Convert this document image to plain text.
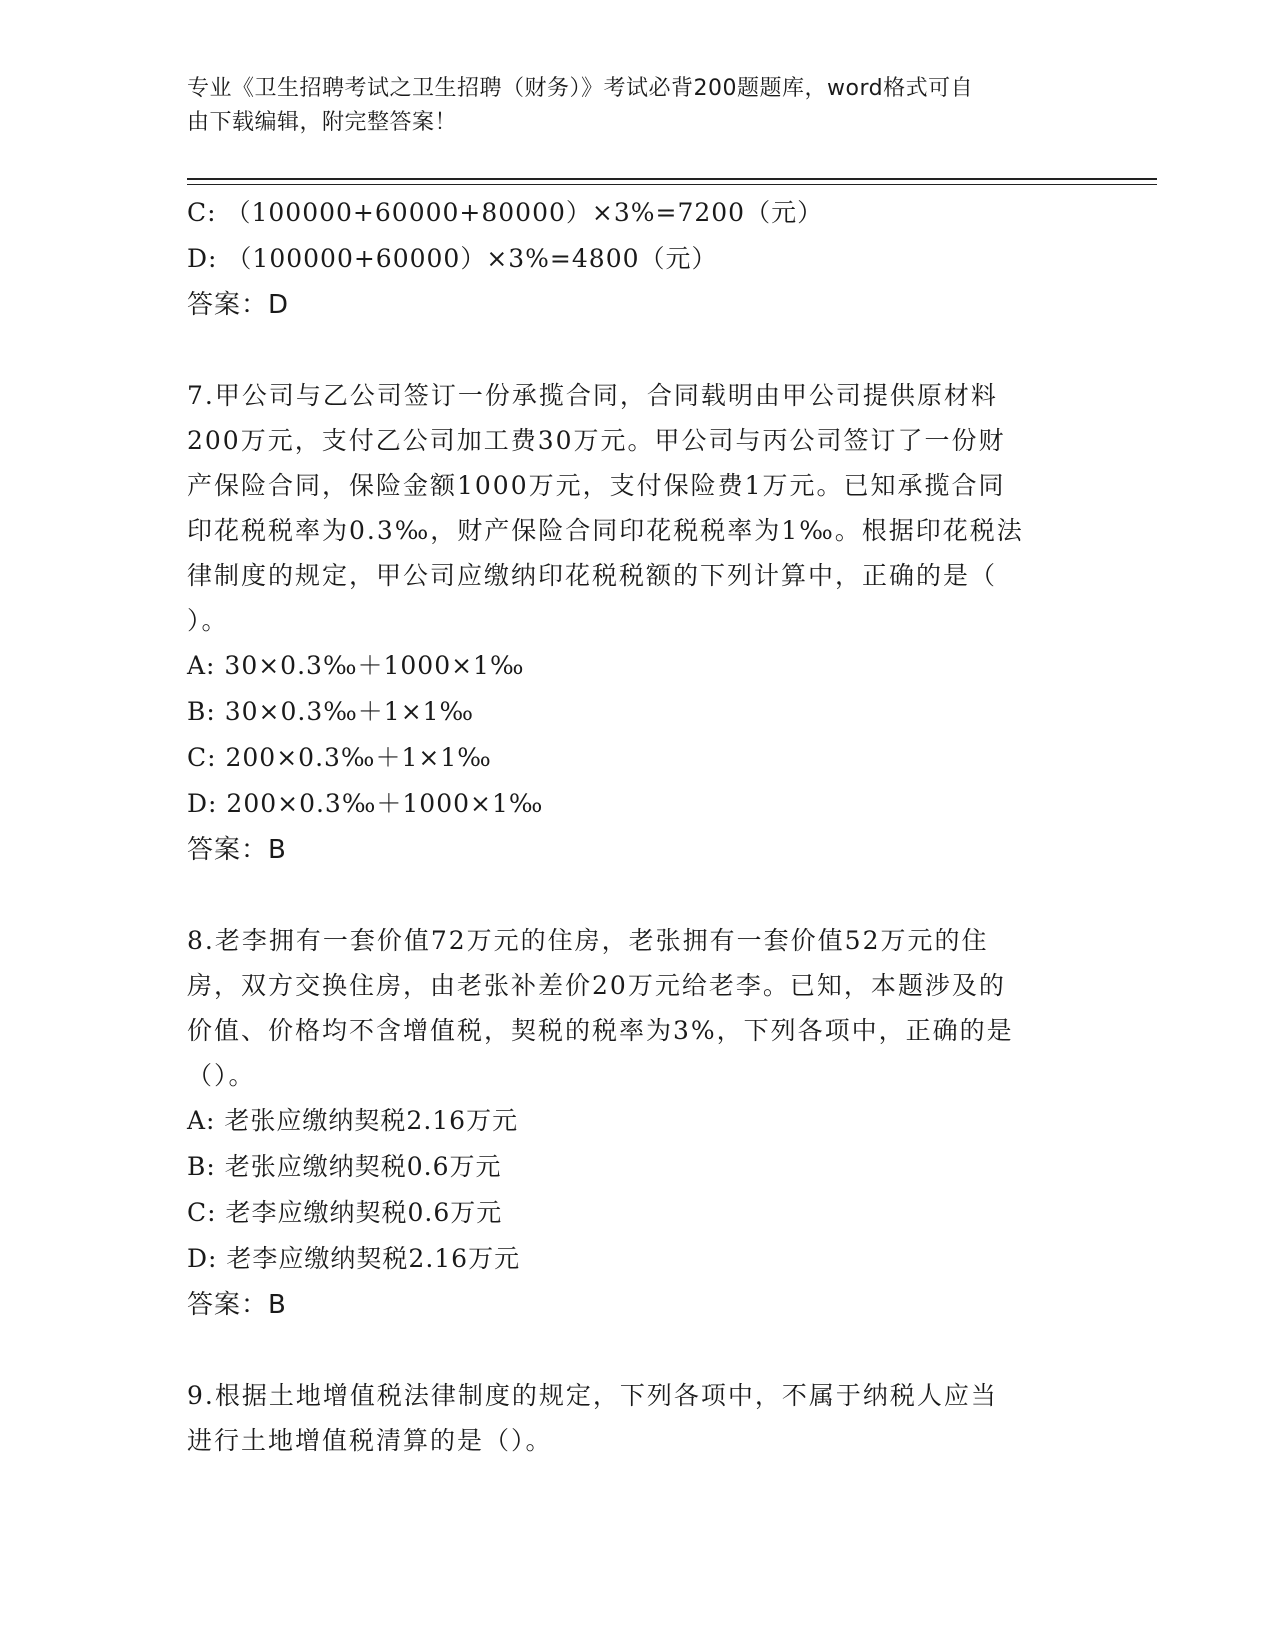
专业《卫生招聘考试之卫生招聘（财务）》考试必背200题题库，word格式可自
由下载编辑，附完整答案！
C: （100000+60000+80000）×3%=7200（元）
D: （100000+60000）×3%=4800（元）
答案：D
7.甲公司与乙公司签订一份承揽合同，合同载明由甲公司提供原材料
200万元，支付乙公司加工费30万元。甲公司与丙公司签订了一份财
产保险合同，保险金额1000万元，支付保险费1万元。已知承揽合同
印花税税率为0.3‰，财产保险合同印花税税率为1‰。根据印花税法
律制度的规定，甲公司应缴纳印花税税额的下列计算中，正确的是（
）。
A: 30×0.3‰＋1000×1‰
B: 30×0.3‰＋1×1‰
C: 200×0.3‰＋1×1‰
D: 200×0.3‰＋1000×1‰
答案：B
8.老李拥有一套价值72万元的住房，老张拥有一套价值52万元的住
房，双方交换住房，由老张补差价20万元给老李。已知，本题涉及的
价值、价格均不含增值税，契税的税率为3%，下列各项中，正确的是
（）。
A: 老张应缴纳契税2.16万元
B: 老张应缴纳契税0.6万元
C: 老李应缴纳契税0.6万元
D: 老李应缴纳契税2.16万元
答案：B
9.根据土地增值税法律制度的规定，下列各项中，不属于纳税人应当
进行土地增值税清算的是（）。
